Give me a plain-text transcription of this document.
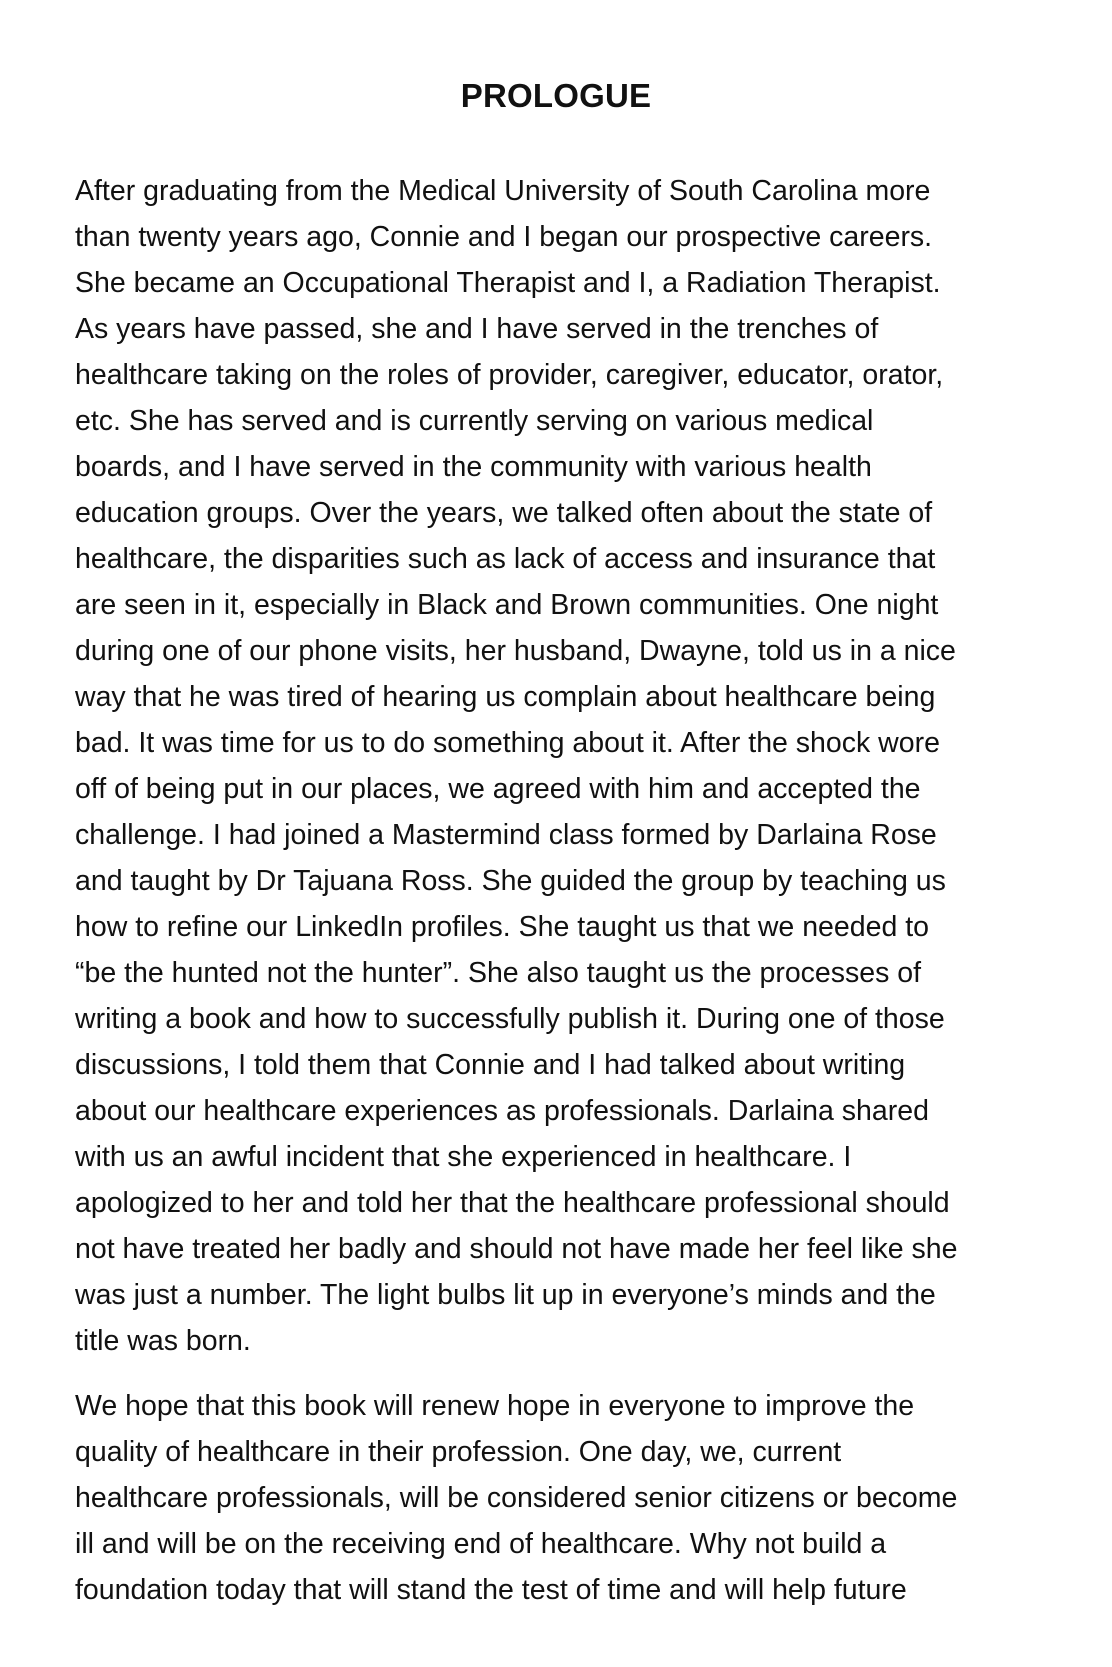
PROLOGUE
After graduating from the Medical University of South Carolina more
than twenty years ago, Connie and I began our prospective careers.
She became an Occupational Therapist and I, a Radiation Therapist.
As years have passed, she and I have served in the trenches of
healthcare taking on the roles of provider, caregiver, educator, orator,
etc. She has served and is currently serving on various medical
boards, and I have served in the community with various health
education groups. Over the years, we talked often about the state of
healthcare, the disparities such as lack of access and insurance that
are seen in it, especially in Black and Brown communities. One night
during one of our phone visits, her husband, Dwayne, told us in a nice
way that he was tired of hearing us complain about healthcare being
bad. It was time for us to do something about it. After the shock wore
off of being put in our places, we agreed with him and accepted the
challenge. I had joined a Mastermind class formed by Darlaina Rose
and taught by Dr Tajuana Ross. She guided the group by teaching us
how to refine our LinkedIn profiles. She taught us that we needed to
“be the hunted not the hunter”. She also taught us the processes of
writing a book and how to successfully publish it. During one of those
discussions, I told them that Connie and I had talked about writing
about our healthcare experiences as professionals. Darlaina shared
with us an awful incident that she experienced in healthcare. I
apologized to her and told her that the healthcare professional should
not have treated her badly and should not have made her feel like she
was just a number. The light bulbs lit up in everyone’s minds and the
title was born.
We hope that this book will renew hope in everyone to improve the
quality of healthcare in their profession. One day, we, current
healthcare professionals, will be considered senior citizens or become
ill and will be on the receiving end of healthcare. Why not build a
foundation today that will stand the test of time and will help future
